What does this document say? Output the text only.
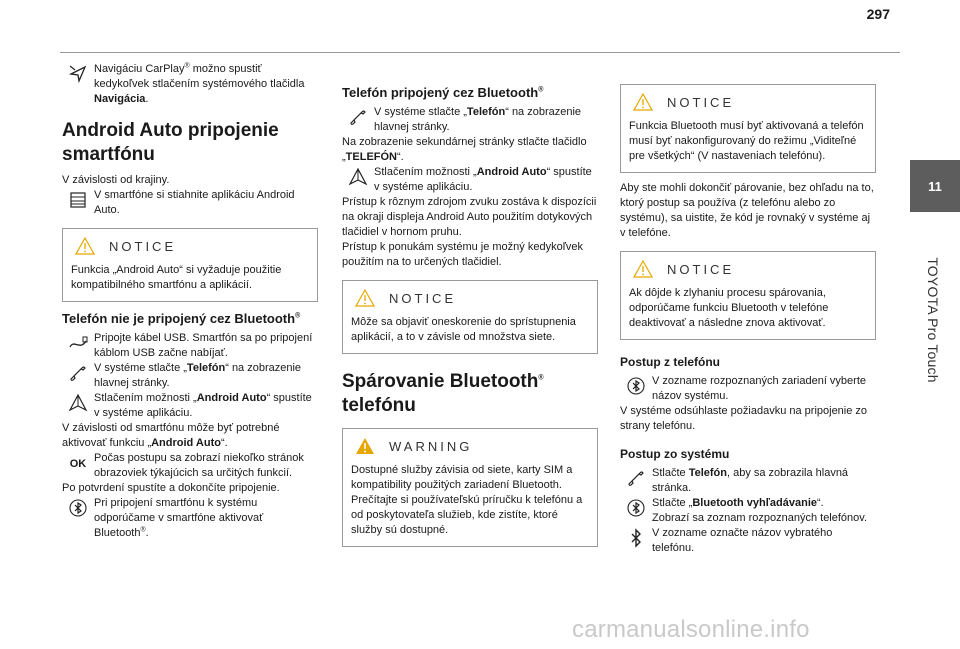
297
11
TOYOTA Pro Touch
Navigáciu CarPlay® možno spustiť kedykoľvek stlačením systémového tlačidla Navigácia.
Android Auto pripojenie smartfónu
V závislosti od krajiny.
V smartfóne si stiahnite aplikáciu Android Auto.
NOTICE
Funkcia „Android Auto“ si vyžaduje použitie kompatibilného smartfónu a aplikácií.
Telefón nie je pripojený cez Bluetooth®
Pripojte kábel USB. Smartfón sa po pripojení káblom USB začne nabíjať.
V systéme stlačte „Telefón“ na zobrazenie hlavnej stránky.
Stlačením možnosti „Android Auto“ spustíte v systéme aplikáciu.
V závislosti od smartfónu môže byť potrebné aktivovať funkciu „Android Auto“.
OK Počas postupu sa zobrazí niekoľko stránok obrazoviek týkajúcich sa určitých funkcií.
Po potvrdení spustíte a dokončíte pripojenie.
Pri pripojení smartfónu k systému odporúčame v smartfóne aktivovať Bluetooth®.
Telefón pripojený cez Bluetooth®
V systéme stlačte „Telefón“ na zobrazenie hlavnej stránky.
Na zobrazenie sekundárnej stránky stlačte tlačidlo „TELEFÓN“.
Stlačením možnosti „Android Auto“ spustíte v systéme aplikáciu.
Prístup k rôznym zdrojom zvuku zostáva k dispozícii na okraji displeja Android Auto použitím dotykových tlačidiel v hornom pruhu.
Prístup k ponukám systému je možný kedykoľvek použitím na to určených tlačidiel.
NOTICE
Môže sa objaviť oneskorenie do sprístupnenia aplikácií, a to v závisle od množstva siete.
Spárovanie Bluetooth® telefónu
WARNING
Dostupné služby závisia od siete, karty SIM a kompatibility použitých zariadení Bluetooth. Prečítajte si používateľskú príručku k telefónu a od poskytovateľa služieb, kde zistíte, ktoré služby sú dostupné.
NOTICE
Funkcia Bluetooth musí byť aktivovaná a telefón musí byť nakonfigurovaný do režimu „Viditeľné pre všetkých“ (V nastaveniach telefónu).
Aby ste mohli dokončiť párovanie, bez ohľadu na to, ktorý postup sa používa (z telefónu alebo zo systému), sa uistite, že kód je rovnaký v systéme aj v telefóne.
NOTICE
Ak dôjde k zlyhaniu procesu spárovania, odporúčame funkciu Bluetooth v telefóne deaktivovať a následne znova aktivovať.
Postup z telefónu
V zozname rozpoznaných zariadení vyberte názov systému.
V systéme odsúhlaste požiadavku na pripojenie zo strany telefónu.
Postup zo systému
Stlačte Telefón, aby sa zobrazila hlavná stránka.
Stlačte „Bluetooth vyhľadávanie“.
Zobrazí sa zoznam rozpoznaných telefónov.
V zozname označte názov vybratého telefónu.
carmanualsonline.info
